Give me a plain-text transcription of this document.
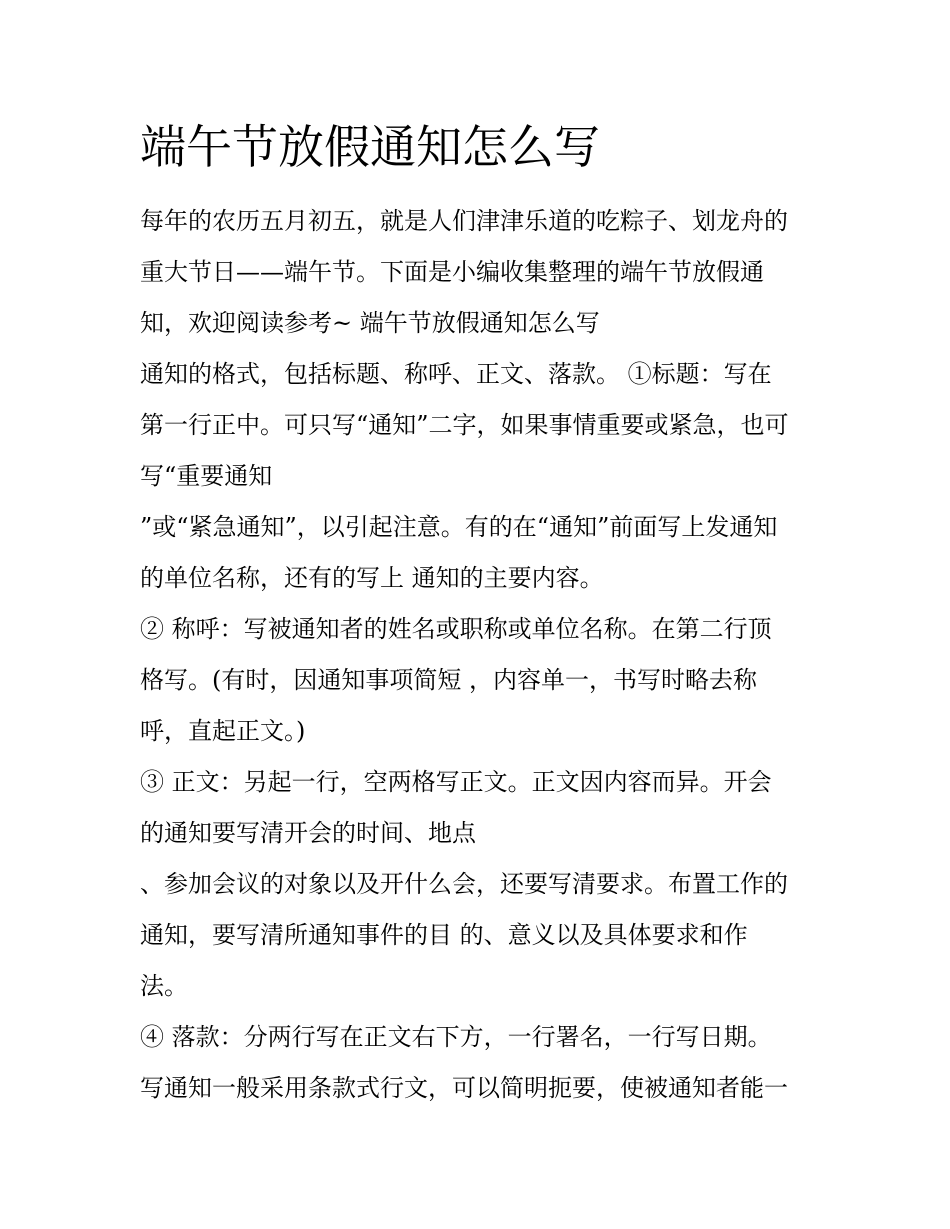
端午节放假通知怎么写
每年的农历五月初五，就是人们津津乐道的吃粽子、划龙舟的
重大节日——端午节。下面是小编收集整理的端午节放假通
知，欢迎阅读参考~ 端午节放假通知怎么写
通知的格式，包括标题、称呼、正文、落款。 ①标题：写在
第一行正中。可只写“通知”二字，如果事情重要或紧急，也可
写“重要通知
”或“紧急通知”，以引起注意。有的在“通知”前面写上发通知
的单位名称，还有的写上 通知的主要内容。
② 称呼：写被通知者的姓名或职称或单位名称。在第二行顶
格写。(有时，因通知事项简短 ，内容单一，书写时略去称
呼，直起正文。)
③ 正文：另起一行，空两格写正文。正文因内容而异。开会
的通知要写清开会的时间、地点
、参加会议的对象以及开什么会，还要写清要求。布置工作的
通知，要写清所通知事件的目 的、意义以及具体要求和作
法。
④ 落款：分两行写在正文右下方，一行署名，一行写日期。
写通知一般采用条款式行文，可以简明扼要，使被通知者能一
